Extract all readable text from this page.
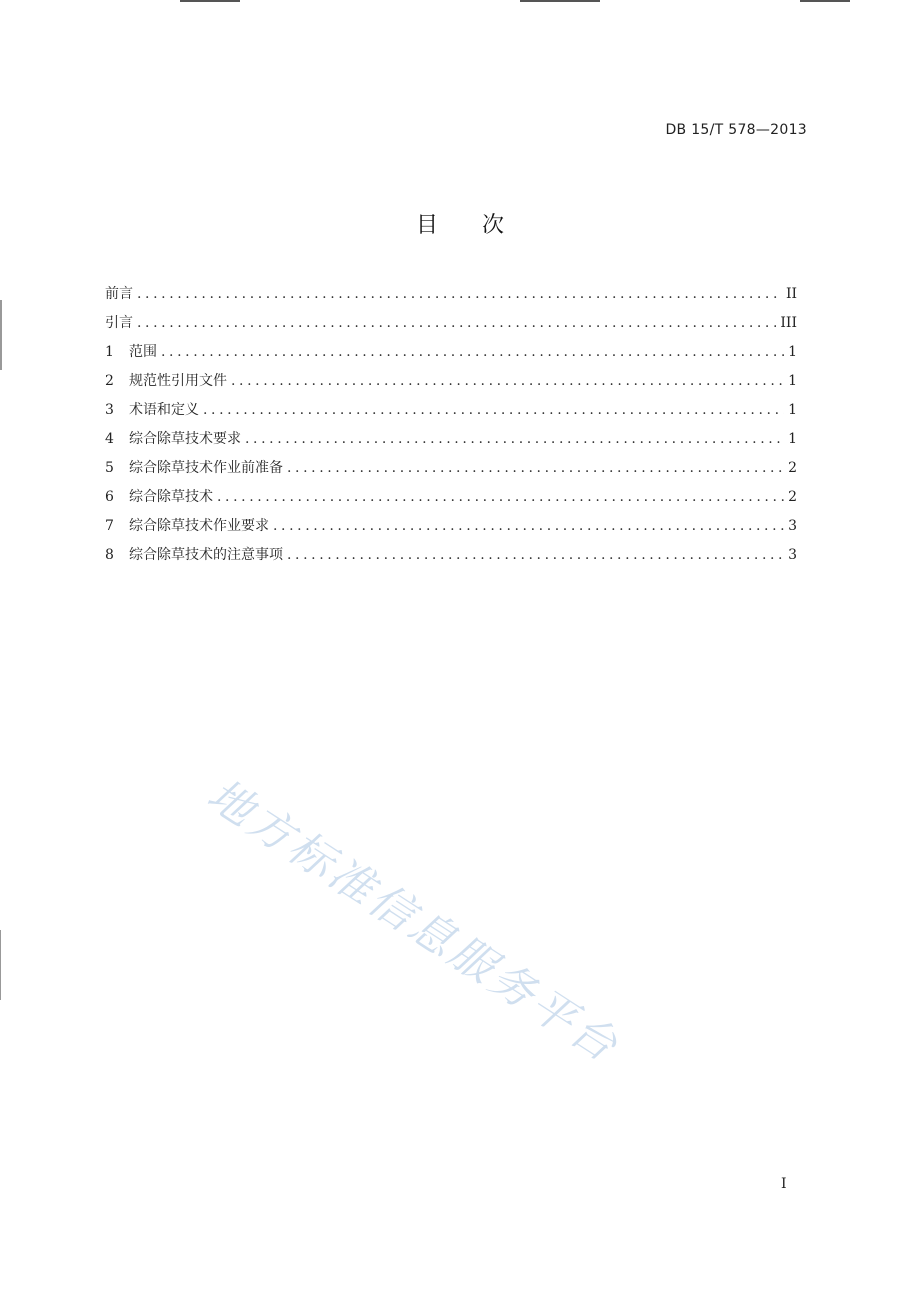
DB 15/T 578—2013
目次
前言 .....	II
引言 .....	III
1	范围 .....	1
2	规范性引用文件 .....	1
3	术语和定义 .....	1
4	综合除草技术要求 .....	1
5	综合除草技术作业前准备 .....	2
6	综合除草技术 .....	2
7	综合除草技术作业要求 .....	3
8	综合除草技术的注意事项 .....	3
地方标准信息服务平台
I
